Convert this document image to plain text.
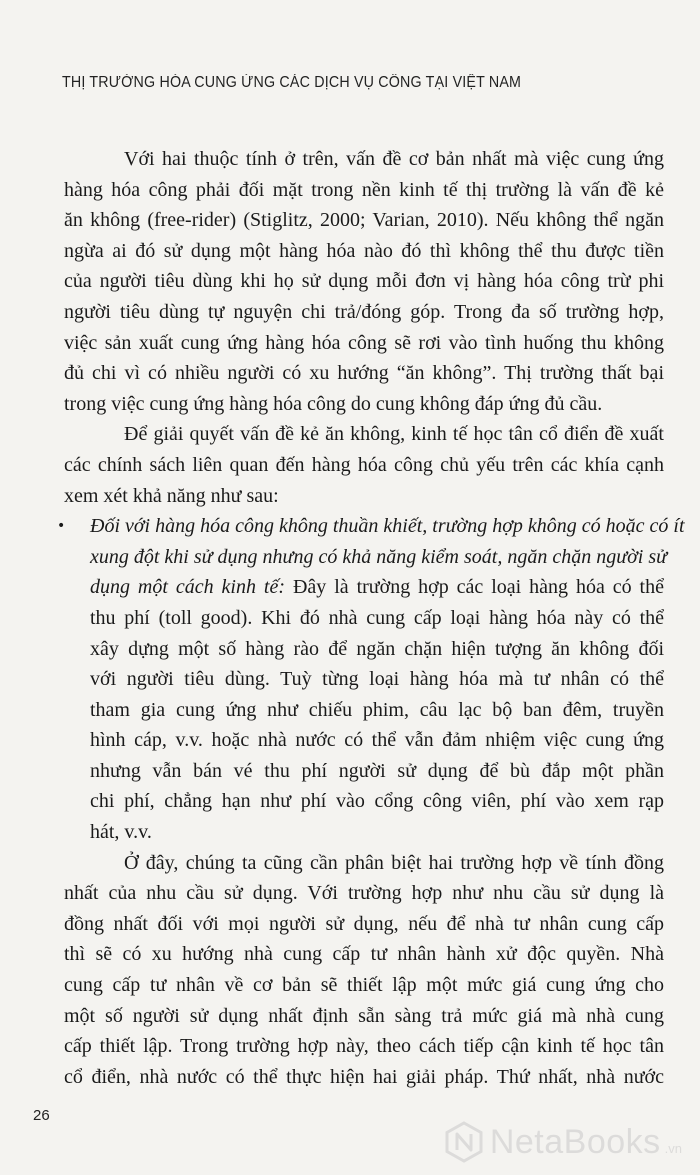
THỊ TRƯỜNG HÓA CUNG ỨNG CÁC DỊCH VỤ CÔNG TẠI VIỆT NAM
Với hai thuộc tính ở trên, vấn đề cơ bản nhất mà việc cung ứng
hàng hóa công phải đối mặt trong nền kinh tế thị trường là vấn đề kẻ
ăn không (free-rider) (Stiglitz, 2000; Varian, 2010). Nếu không thể ngăn
ngừa ai đó sử dụng một hàng hóa nào đó thì không thể thu được tiền
của người tiêu dùng khi họ sử dụng mỗi đơn vị hàng hóa công trừ phi
người tiêu dùng tự nguyện chi trả/đóng góp. Trong đa số trường hợp,
việc sản xuất cung ứng hàng hóa công sẽ rơi vào tình huống thu không
đủ chi vì có nhiều người có xu hướng “ăn không”. Thị trường thất bại
trong việc cung ứng hàng hóa công do cung không đáp ứng đủ cầu.
Để giải quyết vấn đề kẻ ăn không, kinh tế học tân cổ điển đề xuất
các chính sách liên quan đến hàng hóa công chủ yếu trên các khía cạnh
xem xét khả năng như sau:
•	Đối với hàng hóa công không thuần khiết, trường hợp không có hoặc có ít
xung đột khi sử dụng nhưng có khả năng kiểm soát, ngăn chặn người sử
dụng một cách kinh tế: Đây là trường hợp các loại hàng hóa có thể
thu phí (toll good). Khi đó nhà cung cấp loại hàng hóa này có thể
xây dựng một số hàng rào để ngăn chặn hiện tượng ăn không đối
với người tiêu dùng. Tuỳ từng loại hàng hóa mà tư nhân có thể
tham gia cung ứng như chiếu phim, câu lạc bộ ban đêm, truyền
hình cáp, v.v. hoặc nhà nước có thể vẫn đảm nhiệm việc cung ứng
nhưng vẫn bán vé thu phí người sử dụng để bù đắp một phần
chi phí, chẳng hạn như phí vào cổng công viên, phí vào xem rạp
hát, v.v.
Ở đây, chúng ta cũng cần phân biệt hai trường hợp về tính đồng
nhất của nhu cầu sử dụng. Với trường hợp như nhu cầu sử dụng là
đồng nhất đối với mọi người sử dụng, nếu để nhà tư nhân cung cấp
thì sẽ có xu hướng nhà cung cấp tư nhân hành xử độc quyền. Nhà
cung cấp tư nhân về cơ bản sẽ thiết lập một mức giá cung ứng cho
một số người sử dụng nhất định sẵn sàng trả mức giá mà nhà cung
cấp thiết lập. Trong trường hợp này, theo cách tiếp cận kinh tế học tân
cổ điển, nhà nước có thể thực hiện hai giải pháp. Thứ nhất, nhà nước
26
NetaBooks .vn
